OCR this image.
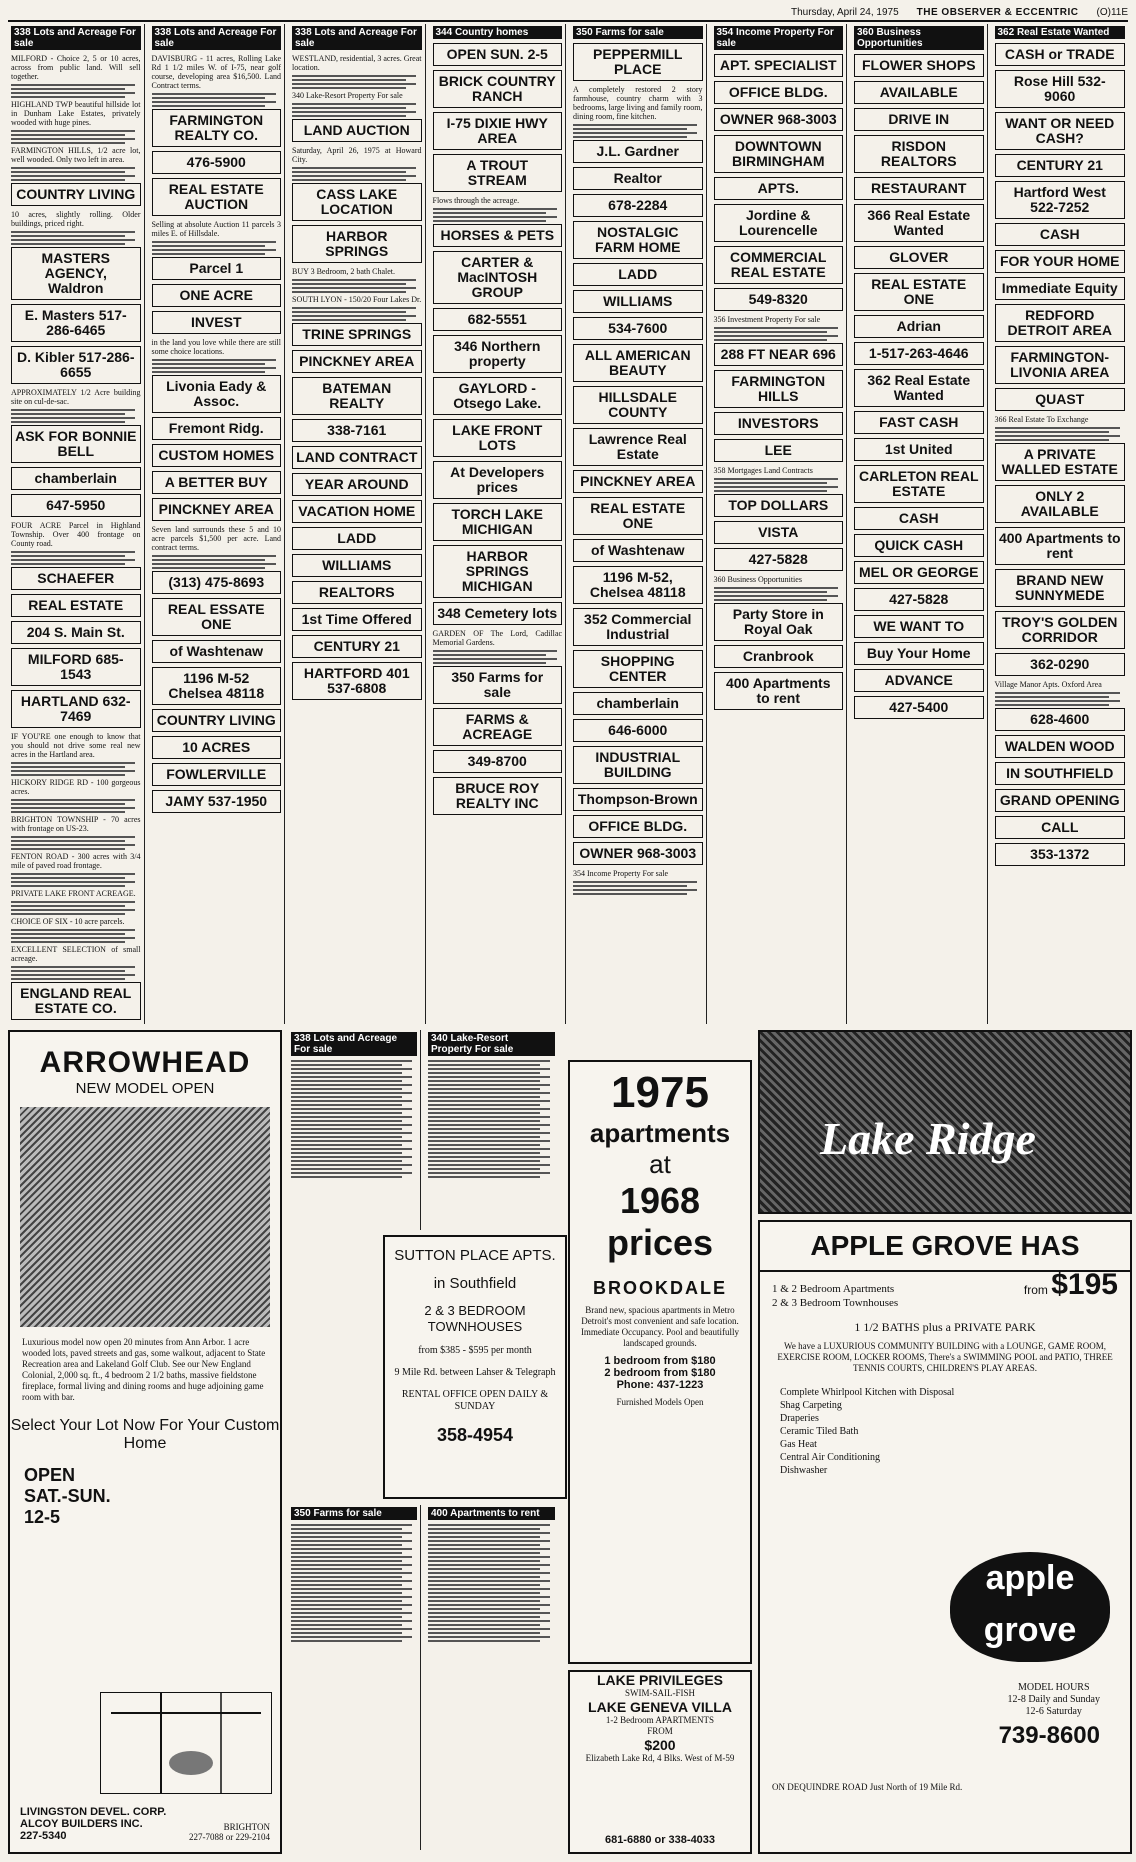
Thursday, April 24, 1975 THE OBSERVER & ECCENTRIC (O)11E
338 Lots and Acreage For sale
MILFORD - Choice 2, 5 or 10 acres, across from public land. Will sell together.
HIGHLAND TWP beautiful hillside lot in Dunham Lake Estates, privately wooded with huge pines.
FARMINGTON HILLS, 1/2 acre lot, well wooded. Only two left in area.
COUNTRY LIVING
10 acres, slightly rolling. Older buildings, priced right.
MASTERS AGENCY, Waldron
E. Masters 517-286-6465
D. Kibler 517-286-6655
APPROXIMATELY 1/2 Acre building site on cul-de-sac.
ASK FOR BONNIE BELL
chamberlain
647-5950
FOUR ACRE Parcel in Highland Township. Over 400 frontage on County road.
SCHAEFER
REAL ESTATE
204 S. Main St.
MILFORD 685-1543
HARTLAND 632-7469
IF YOU'RE one enough to know that you should not drive some real new acres in the Hartland area.
HICKORY RIDGE RD - 100 gorgeous acres.
BRIGHTON TOWNSHIP - 70 acres with frontage on US-23.
FENTON ROAD - 300 acres with 3/4 mile of paved road frontage.
PRIVATE LAKE FRONT ACREAGE.
CHOICE OF SIX - 10 acre parcels.
EXCELLENT SELECTION of small acreage.
ENGLAND REAL ESTATE CO.
338 Lots and Acreage For sale
DAVISBURG - 11 acres, Rolling Lake Rd 1 1/2 miles W. of I-75, near golf course, developing area $16,500. Land Contract terms.
FARMINGTON REALTY CO.
476-5900
REAL ESTATE AUCTION
Selling at absolute Auction 11 parcels 3 miles E. of Hillsdale.
Parcel 1
ONE ACRE
INVEST
in the land you love while there are still some choice locations.
Livonia Eady & Assoc.
Fremont Ridg.
CUSTOM HOMES
A BETTER BUY
PINCKNEY AREA
Seven land surrounds these 5 and 10 acre parcels $1,500 per acre. Land contract terms.
(313) 475-8693
REAL ESSATE ONE
of Washtenaw
1196 M-52 Chelsea 48118
COUNTRY LIVING
10 ACRES
FOWLERVILLE
JAMY 537-1950
338 Lots and Acreage For sale
WESTLAND, residential, 3 acres. Great location.
340 Lake-Resort Property For sale
LAND AUCTION
Saturday, April 26, 1975 at Howard City.
CASS LAKE LOCATION
HARBOR SPRINGS
BUY 3 Bedroom, 2 bath Chalet.
SOUTH LYON - 150/20 Four Lakes Dr.
TRINE SPRINGS
PINCKNEY AREA
BATEMAN REALTY
338-7161
LAND CONTRACT
YEAR AROUND
VACATION HOME
LADD
WILLIAMS
REALTORS
1st Time Offered
CENTURY 21
HARTFORD 401 537-6808
344 Country homes
OPEN SUN. 2-5
BRICK COUNTRY RANCH
I-75 DIXIE HWY AREA
A TROUT STREAM
Flows through the acreage.
HORSES & PETS
CARTER & MacINTOSH GROUP
682-5551
346 Northern property
GAYLORD - Otsego Lake.
LAKE FRONT LOTS
At Developers prices
TORCH LAKE MICHIGAN
HARBOR SPRINGS MICHIGAN
348 Cemetery lots
GARDEN OF The Lord, Cadillac Memorial Gardens.
350 Farms for sale
FARMS & ACREAGE
349-8700
BRUCE ROY REALTY INC
350 Farms for sale
PEPPERMILL PLACE
A completely restored 2 story farmhouse, country charm with 3 bedrooms, large living and family room, dining room, fine kitchen.
J.L. Gardner
Realtor
678-2284
NOSTALGIC FARM HOME
LADD
WILLIAMS
534-7600
ALL AMERICAN BEAUTY
HILLSDALE COUNTY
Lawrence Real Estate
PINCKNEY AREA
REAL ESTATE ONE
of Washtenaw
1196 M-52, Chelsea 48118
352 Commercial Industrial
SHOPPING CENTER
chamberlain
646-6000
INDUSTRIAL BUILDING
Thompson-Brown
OFFICE BLDG.
OWNER 968-3003
354 Income Property For sale
354 Income Property For sale
APT. SPECIALIST
OFFICE BLDG.
OWNER 968-3003
DOWNTOWN BIRMINGHAM
APTS.
Jordine & Lourencelle
COMMERCIAL REAL ESTATE
549-8320
356 Investment Property For sale
288 FT NEAR 696
FARMINGTON HILLS
INVESTORS
LEE
358 Mortgages Land Contracts
TOP DOLLARS
VISTA
427-5828
360 Business Opportunities
Party Store in Royal Oak
Cranbrook
400 Apartments to rent
360 Business Opportunities
FLOWER SHOPS
AVAILABLE
DRIVE IN
RISDON REALTORS
RESTAURANT
366 Real Estate Wanted
GLOVER
REAL ESTATE ONE
Adrian
1-517-263-4646
362 Real Estate Wanted
FAST CASH
1st United
CARLETON REAL ESTATE
CASH
QUICK CASH
MEL OR GEORGE
427-5828
WE WANT TO
Buy Your Home
ADVANCE
427-5400
362 Real Estate Wanted
CASH or TRADE
Rose Hill 532-9060
WANT OR NEED CASH?
CENTURY 21
Hartford West 522-7252
CASH
FOR YOUR HOME
Immediate Equity
REDFORD DETROIT AREA
FARMINGTON-LIVONIA AREA
QUAST
366 Real Estate To Exchange
A PRIVATE WALLED ESTATE
ONLY 2 AVAILABLE
400 Apartments to rent
BRAND NEW SUNNYMEDE
TROY'S GOLDEN CORRIDOR
362-0290
Village Manor Apts. Oxford Area
628-4600
WALDEN WOOD
IN SOUTHFIELD
GRAND OPENING
CALL
353-1372
ARROWHEAD
NEW MODEL OPEN
Luxurious model now open 20 minutes from Ann Arbor. 1 acre wooded lots, paved streets and gas, some walkout, adjacent to State Recreation area and Lakeland Golf Club. See our New England Colonial, 2,000 sq. ft., 4 bedroom 2 1/2 baths, massive fieldstone fireplace, formal living and dining rooms and huge adjoining game room with bar.
Select Your Lot Now For Your Custom Home
OPEN
SAT.-SUN.
12-5
LIVINGSTON DEVEL. CORP.
ALCOY BUILDERS INC.
227-5340
BRIGHTON
227-7088 or 229-2104
338 Lots and Acreage For sale
340 Lake-Resort Property For sale
SUTTON PLACE APTS.
in Southfield
2 & 3 BEDROOM TOWNHOUSES
from $385 - $595 per month
9 Mile Rd. between Lahser & Telegraph
RENTAL OFFICE OPEN DAILY & SUNDAY
358-4954
350 Farms for sale	400 Apartments to rent
1975
apartments
at
1968 prices
BROOKDALE
Brand new, spacious apartments in Metro Detroit's most convenient and safe location. Immediate Occupancy. Pool and beautifully landscaped grounds.
1 bedroom from $180
2 bedroom from $180
Phone: 437-1223
Furnished Models Open
LAKE PRIVILEGES
SWIM-SAIL-FISH
LAKE GENEVA VILLA
1-2 Bedroom APARTMENTS
FROM
$200
Elizabeth Lake Rd, 4 Blks. West of M-59
681-6880 or 338-4033
Lake Ridge
APPLE GROVE HAS
1 & 2 Bedroom Apartments
2 & 3 Bedroom Townhouses
from $195
1 1/2 BATHS plus a PRIVATE PARK
We have a LUXURIOUS COMMUNITY BUILDING with a LOUNGE, GAME ROOM, EXERCISE ROOM, LOCKER ROOMS, There's a SWIMMING POOL and PATIO, THREE TENNIS COURTS, CHILDREN'S PLAY AREAS.
Complete Whirlpool Kitchen with Disposal
Shag Carpeting
Draperies
Ceramic Tiled Bath
Gas Heat
Central Air Conditioning
Dishwasher
apple grove
MODEL HOURS
12-8 Daily and Sunday
12-6 Saturday
739-8600
ON DEQUINDRE ROAD Just North of 19 Mile Rd.
